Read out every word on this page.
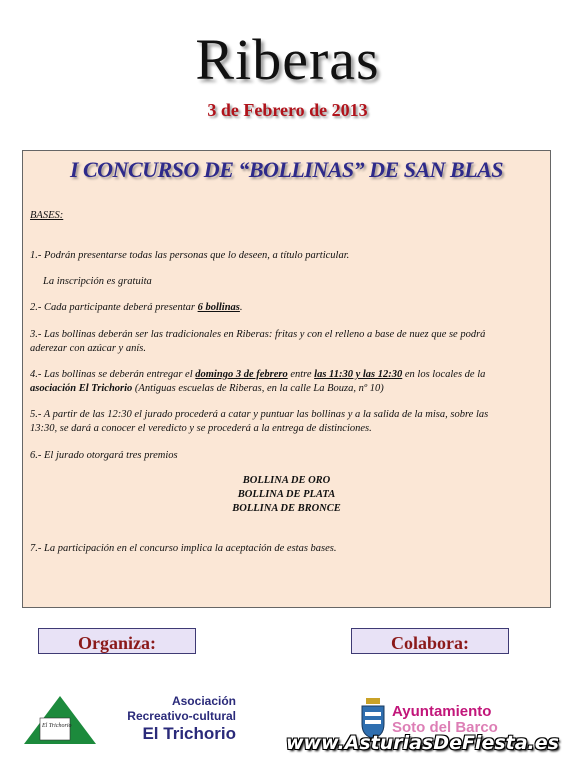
Riberas
3 de Febrero de 2013
I CONCURSO DE “BOLLINAS” DE SAN BLAS
BASES:
1.- Podrán presentarse todas las personas que lo deseen, a título particular.
La inscripción es gratuita
2.- Cada participante deberá presentar 6 bollinas.
3.- Las bollinas deberán ser las tradicionales en Riberas: fritas y con el relleno a base de nuez que se podrá
aderezar con azúcar y anís.
4.- Las bollinas se deberán entregar el domingo 3 de febrero entre las 11:30 y las 12:30 en los locales de la
asociación El Trichorio (Antiguas escuelas de Riberas, en la calle La Bouza, nº 10)
5.- A partir de las 12:30 el jurado procederá a catar y puntuar las bollinas y a la salida de la misa, sobre las
13:30, se dará a conocer el veredicto y se procederá a la entrega de distinciones.
6.- El jurado otorgará tres premios
BOLLINA DE ORO
BOLLINA DE PLATA
BOLLINA DE BRONCE
7.- La participación en el concurso implica la aceptación de estas bases.
Organiza:	Colabora:
El Trichorio
Asociación
Recreativo-cultural
El Trichorio
Ayuntamiento
Soto del Barco
www.AsturiasDeFiesta.es
